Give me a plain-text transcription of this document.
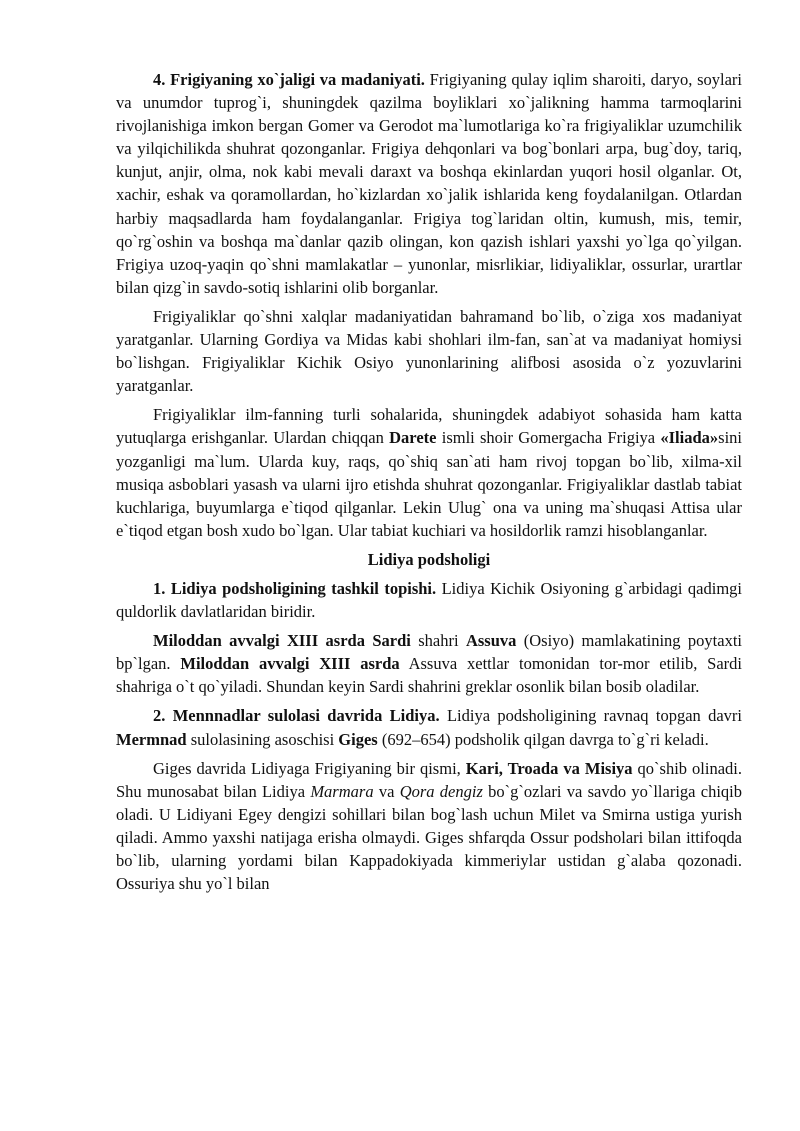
4. Frigiyaning xo`jaligi va madaniyati. Frigiyaning qulay iqlim sharoiti, daryo, soylari va unumdor tuprog`i, shuningdek qazilma boyliklari xo`jalikning hamma tarmoqlarini rivojlanishiga imkon bergan Gomer va Gerodot ma`lumotlariga ko`ra frigiyaliklar uzumchilik va yilqichilikda shuhrat qozonganlar. Frigiya dehqonlari va bog`bonlari arpa, bug`doy, tariq, kunjut, anjir, olma, nok kabi mevali daraxt va boshqa ekinlardan yuqori hosil olganlar. Ot, xachir, eshak va qoramollardan, ho`kizlardan xo`jalik ishlarida keng foydalanilgan. Otlardan harbiy maqsadlarda ham foydalanganlar. Frigiya tog`laridan oltin, kumush, mis, temir, qo`rg`oshin va boshqa ma`danlar qazib olingan, kon qazish ishlari yaxshi yo`lga qo`yilgan. Frigiya uzoq-yaqin qo`shni mamlakatlar – yunonlar, misrlikiar, lidiyaliklar, ossurlar, urartlar bilan qizg`in savdo-sotiq ishlarini olib borganlar.

Frigiyaliklar qo`shni xalqlar madaniyatidan bahramand bo`lib, o`ziga xos madaniyat yaratganlar. Ularning Gordiya va Midas kabi shohlari ilm-fan, san`at va madaniyat homiysi bo`lishgan. Frigiyaliklar Kichik Osiyo yunonlarining alifbosi asosida o`z yozuvlarini yaratganlar.

Frigiyaliklar ilm-fanning turli sohalarida, shuningdek adabiyot sohasida ham katta yutuqlarga erishganlar. Ulardan chiqqan Darete ismli shoir Gomergacha Frigiya «Iliada»sini yozganligi ma`lum. Ularda kuy, raqs, qo`shiq san`ati ham rivoj topgan bo`lib, xilma-xil musiqa asboblari yasash va ularni ijro etishda shuhrat qozonganlar. Frigiyaliklar dastlab tabiat kuchlariga, buyumlarga e`tiqod qilganlar. Lekin Ulug` ona va uning ma`shuqasi Attisa ular e`tiqod etgan bosh xudo bo`lgan. Ular tabiat kuchiari va hosildorlik ramzi hisoblanganlar.

Lidiya podsholigi

1. Lidiya podsholigining tashkil topishi. Lidiya Kichik Osiyoning g`arbidagi qadimgi quldorlik davlatlaridan biridir.

Miloddan avvalgi XIII asrda Sardi shahri Assuva (Osiyo) mamlakatining poytaxti bp`lgan. Miloddan avvalgi XIII asrda Assuva xettlar tomonidan tor-mor etilib, Sardi shahriga o`t qo`yiladi. Shundan keyin Sardi shahrini greklar osonlik bilan bosib oladilar.

2. Mennnadlar sulolasi davrida Lidiya. Lidiya podsholigining ravnaq topgan davri Mermnad sulolasining asoschisi Giges (692–654) podsholik qilgan davrga to`g`ri keladi.

Giges davrida Lidiyaga Frigiyaning bir qismi, Kari, Troada va Misiya qo`shib olinadi. Shu munosabat bilan Lidiya Marmara va Qora dengiz bo`g`ozlari va savdo yo`llariga chiqib oladi. U Lidiyani Egey dengizi sohillari bilan bog`lash uchun Milet va Smirna ustiga yurish qiladi. Ammo yaxshi natijaga erisha olmaydi. Giges shfarqda Ossur podsholari bilan ittifoqda bo`lib, ularning yordami bilan Kappadokiyada kimmeriylar ustidan g`alaba qozonadi. Ossuriya shu yo`l bilan
